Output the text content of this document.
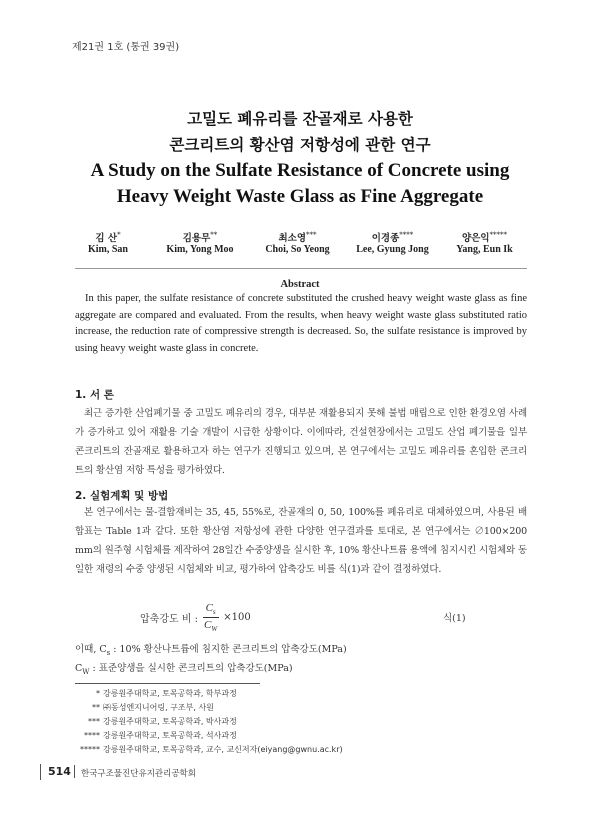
제21권 1호 (통권 39권)
고밀도 폐유리를 잔골재로 사용한
콘크리트의 황산염 저항성에 관한 연구
A Study on the Sulfate Resistance of Concrete using
Heavy Weight Waste Glass as Fine Aggregate
김 산*
Kim, San
김용무**
Kim, Yong Moo
최소영***
Choi, So Yeong
이경종****
Lee, Gyung Jong
양은익*****
Yang, Eun Ik
Abstract
In this paper, the sulfate resistance of concrete substituted the crushed heavy weight waste glass as fine aggregate are compared and evaluated. From the results, when heavy weight waste glass substituted ratio increase, the reduction rate of compressive strength is decreased. So, the sulfate resistance is improved by using heavy weight waste glass in concrete.
1. 서 론

최근 증가한 산업폐기물 중 고밀도 폐유리의 경우, 대부분 재활용되지 못해 불법 매립으로 인한 환경오염 사례가 증가하고 있어 재활용 기술 개발이 시급한 상황이다. 이에따라, 건설현장에서는 고밀도 산업 폐기물을 일부 콘크리트의 잔골재로 활용하고자 하는 연구가 진행되고 있으며, 본 연구에서는 고밀도 폐유리를 혼입한 콘크리트의 황산염 저항 특성을 평가하였다.

2. 실험계획 및 방법

본 연구에서는 물-결합재비는 35, 45, 55%로, 잔골재의 0, 50, 100%를 폐유리로 대체하였으며, 사용된 배합표는 Table 1과 같다. 또한 황산염 저항성에 관한 다양한 연구결과를 토대로, 본 연구에서는 ∅100×200 mm의 원주형 시험체를 제작하여 28일간 수중양생을 실시한 후, 10% 황산나트륨 용액에 침지시킨 시험체와 동일한 재령의 수중 양생된 시험체와 비교, 평가하여 압축강도 비를 식(1)과 같이 결정하였다.

압축강도 비 : $\frac{C_s}{C_W} \times 100$	식(1)
이때, $C_s$ : 10% 황산나트륨에 침지한 콘크리트의 압축강도(MPa)
$C_W$ : 표준양생을 실시한 콘크리트의 압축강도(MPa)
* 강릉원주대학교, 토목공학과, 학부과정
** ㈜동성엔지니어링, 구조부, 사원
*** 강릉원주대학교, 토목공학과, 박사과정
**** 강릉원주대학교, 토목공학과, 석사과정
***** 강릉원주대학교, 토목공학과, 교수, 교신저자(eiyang@gwnu.ac.kr)
514 한국구조물진단유지관리공학회
